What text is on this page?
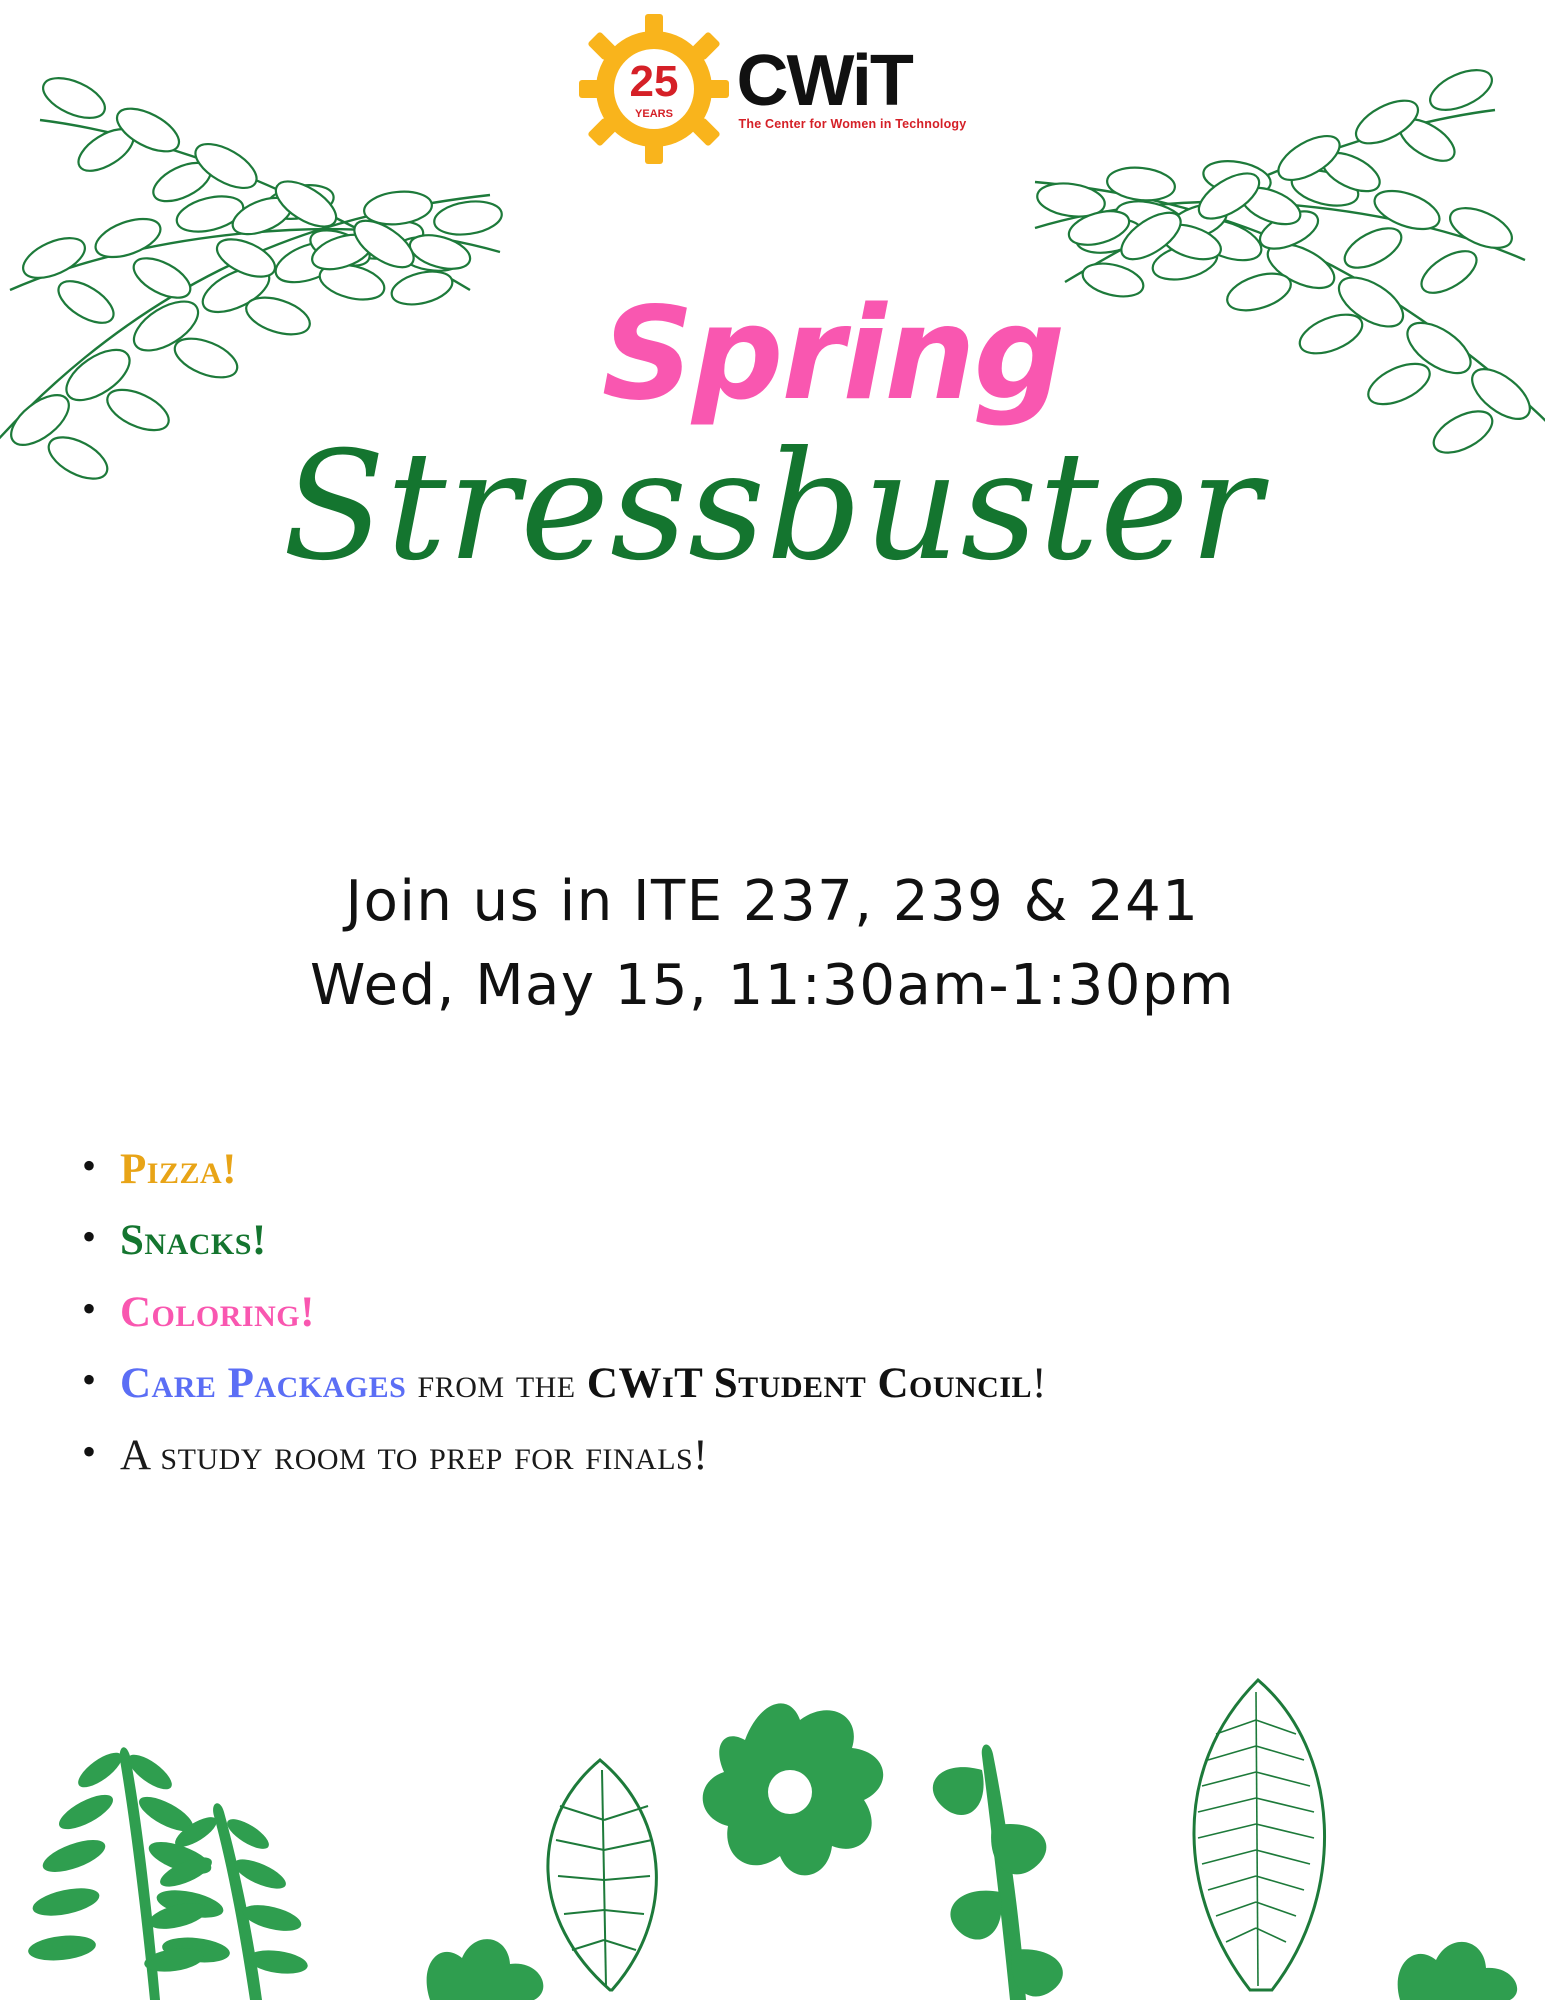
25
YEARS CWiT
The Center for Women in Technology
Spring
Stressbuster
Join us in ITE 237, 239 & 241
Wed, May 15, 11:30am-1:30pm
• Pizza!
• Snacks!
• Coloring!
• Care Packages from the CWiT Student Council!
• A study room to prep for finals!
